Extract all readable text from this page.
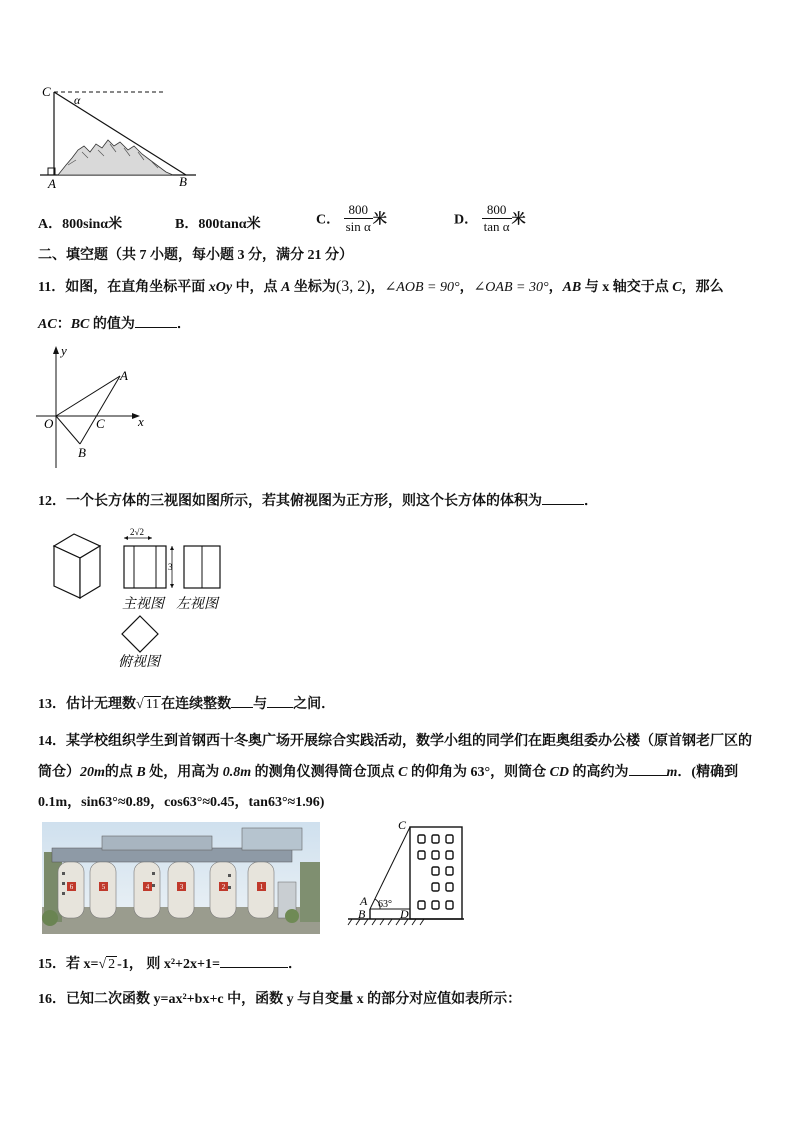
C
α
A	B
A．800sinα米	B．800tanα米	C． $\frac{800}{\text{sin α}}$ 米	D． $\frac{800}{\text{tan α}}$ 米
二、填空题（共 7 小题，每小题 3 分，满分 21 分）
11．如图，在直角坐标平面 xOy 中，点 A 坐标为(3, 2)，∠AOB = 90°，∠OAB = 30°，AB 与 x 轴交于点 C，那么
AC：BC 的值为	．
y
A
O	C	x
B
12．一个长方体的三视图如图所示，若其俯视图为正方形，则这个长方体的体积为	．
2√2
3
主视图 左视图
俯视图
13．估计无理数√ 11 在连续整数 与 之间．
14．某学校组织学生到首钢西十冬奥广场开展综合实践活动，数学小组的同学们在距奥组委办公楼（原首钢老厂区的
筒仓）20m的点 B 处，用高为 0.8m 的测角仪测得筒仓顶点 C 的仰角为 63°，则筒仓 CD 的高约为	m．(精确到
0.1m，sin63°≈0.89，cos63°≈0.45，tan63°≈1.96)
6	5	4	3	2	1
C
A 63°
B	D
15．若 x=√ 2 -1， 则 x²+2x+1=	．
16．已知二次函数 y=ax²+bx+c 中，函数 y 与自变量 x 的部分对应值如表所示：
